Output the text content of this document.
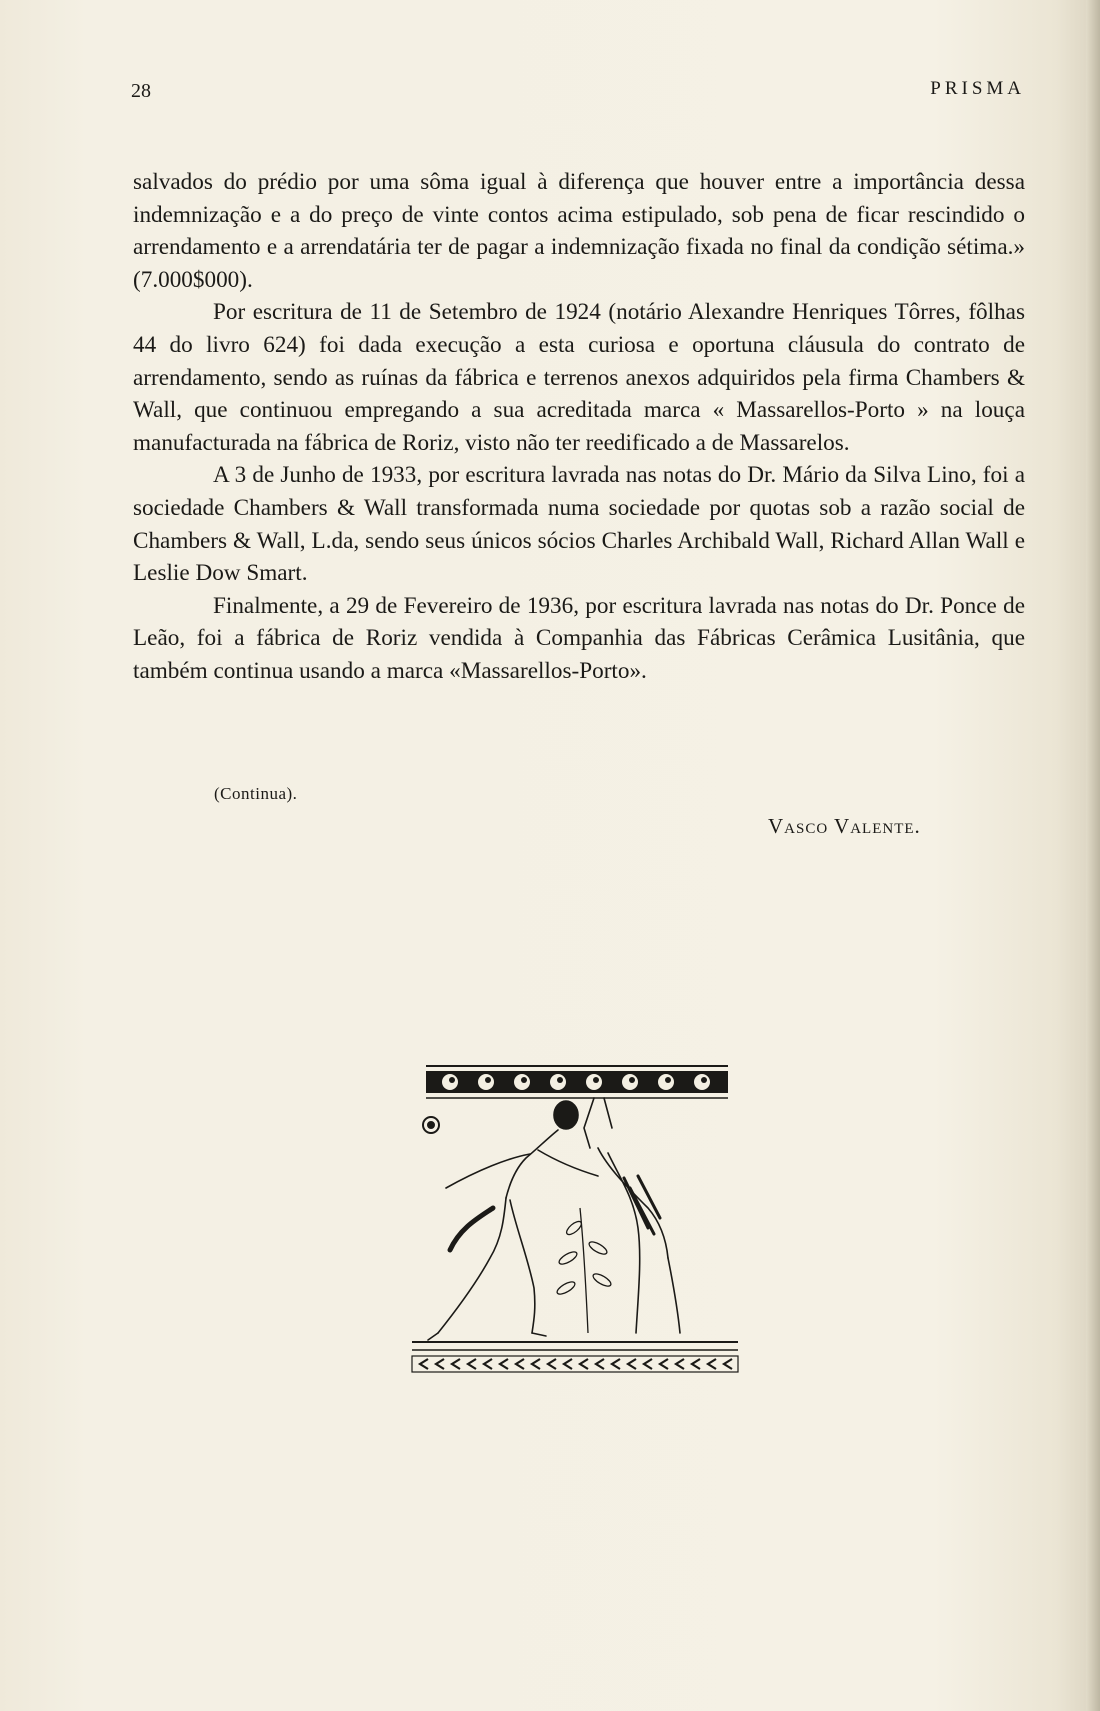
28	PRISMA

salvados do prédio por uma sôma igual à diferença que houver entre a importância dessa indemnização e a do preço de vinte contos acima estipulado, sob pena de ficar rescindido o arrendamento e a arrendatária ter de pagar a indemnização fixada no final da condição sétima.» (7.000$000).

Por escritura de 11 de Setembro de 1924 (notário Alexandre Henriques Tôrres, fôlhas 44 do livro 624) foi dada execução a esta curiosa e oportuna cláusula do contrato de arrendamento, sendo as ruínas da fábrica e terrenos anexos adquiridos pela firma Chambers & Wall, que continuou empregando a sua acreditada marca « Massarellos-Porto » na louça manufacturada na fábrica de Roriz, visto não ter reedificado a de Massarelos.

A 3 de Junho de 1933, por escritura lavrada nas notas do Dr. Mário da Silva Lino, foi a sociedade Chambers & Wall transformada numa sociedade por quotas sob a razão social de Chambers & Wall, L.da, sendo seus únicos sócios Charles Archibald Wall, Richard Allan Wall e Leslie Dow Smart.

Finalmente, a 29 de Fevereiro de 1936, por escritura lavrada nas notas do Dr. Ponce de Leão, foi a fábrica de Roriz vendida à Companhia das Fábricas Cerâmica Lusitânia, que também continua usando a marca «Massarellos-Porto».

(Continua).
Vasco Valente.
